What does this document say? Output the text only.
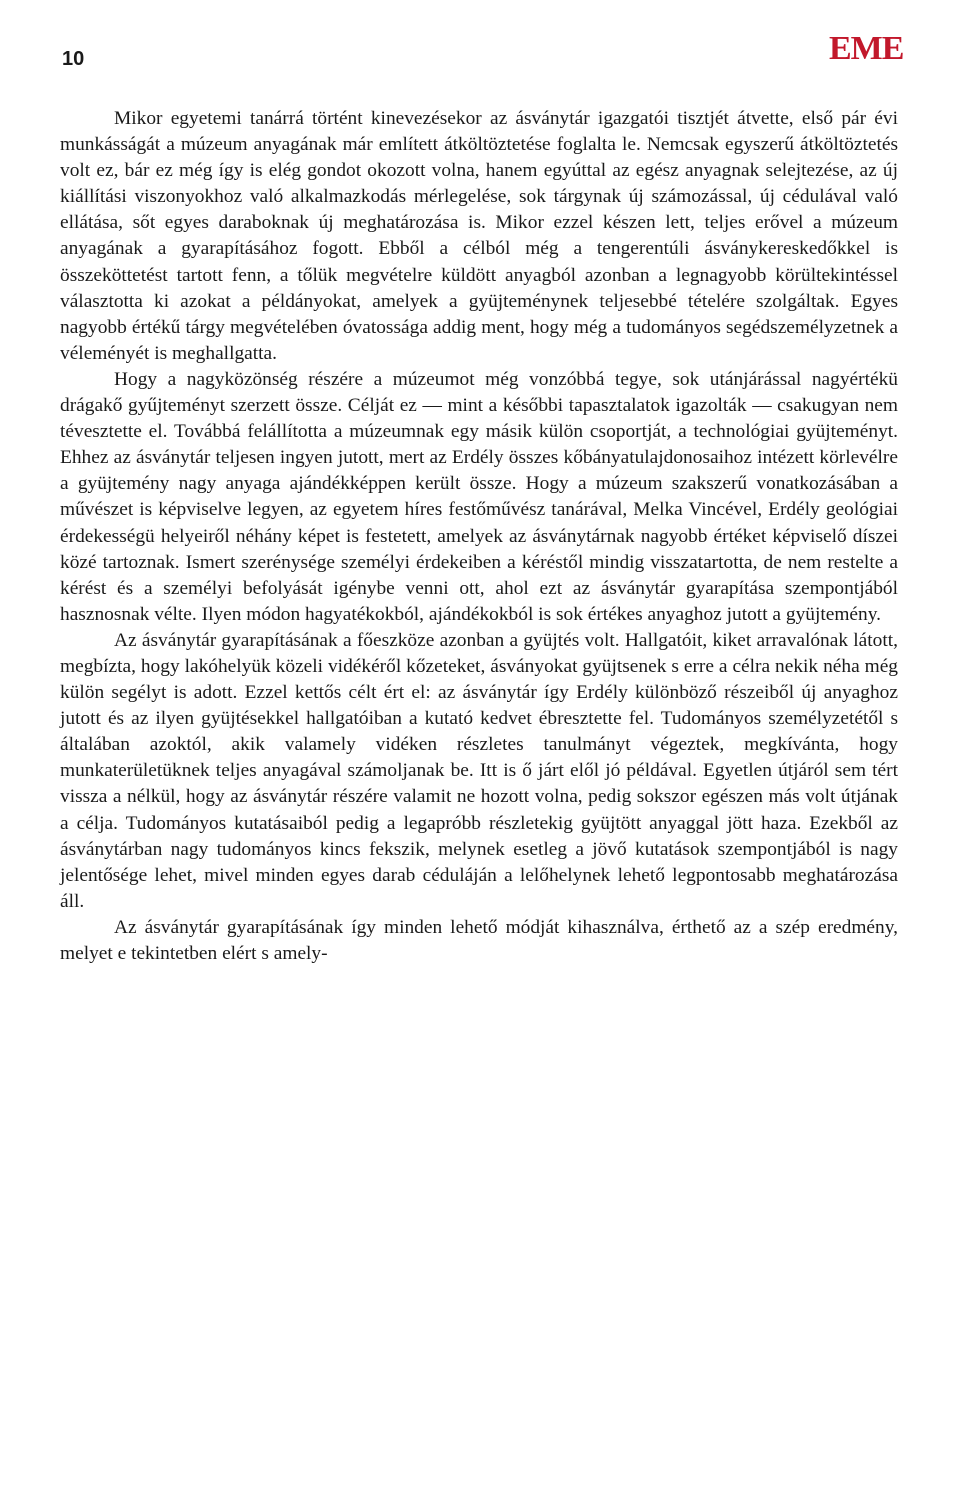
10	EME

Mikor egyetemi tanárrá történt kinevezésekor az ásványtár igazgatói tisztjét átvette, első pár évi munkásságát a múzeum anyagának már említett átköltöztetése foglalta le. Nemcsak egyszerű átköltöztetés volt ez, bár ez még így is elég gondot okozott volna, hanem egyúttal az egész anyagnak selejtezése, az új kiállítási viszonyokhoz való alkalmazkodás mérlegelése, sok tárgynak új számozással, új cédulával való ellátása, sőt egyes daraboknak új meghatározása is. Mikor ezzel készen lett, teljes erővel a múzeum anyagának a gyarapításához fogott. Ebből a célból még a tengerentúli ásványkereskedőkkel is összeköttetést tartott fenn, a tőlük megvételre küldött anyagból azonban a legnagyobb körültekintéssel választotta ki azokat a példányokat, amelyek a gyüjteménynek teljesebbé tételére szolgáltak. Egyes nagyobb értékű tárgy megvételében óvatossága addig ment, hogy még a tudományos segédszemélyzetnek a véleményét is meghallgatta.

Hogy a nagyközönség részére a múzeumot még vonzóbbá tegye, sok utánjárással nagyértékü drágakő gyűjteményt szerzett össze. Célját ez — mint a későbbi tapasztalatok igazolták — csakugyan nem tévesztette el. Továbbá felállította a múzeumnak egy másik külön csoportját, a technológiai gyüjteményt. Ehhez az ásványtár teljesen ingyen jutott, mert az Erdély összes kőbányatulajdonosaihoz intézett körlevélre a gyüjtemény nagy anyaga ajándékképpen került össze. Hogy a múzeum szakszerű vonatkozásában a művészet is képviselve legyen, az egyetem híres festőművész tanárával, Melka Vincével, Erdély geológiai érdekességü helyeiről néhány képet is festetett, amelyek az ásványtárnak nagyobb értéket képviselő díszei közé tartoznak. Ismert szerénysége személyi érdekeiben a kéréstől mindig visszatartotta, de nem restelte a kérést és a személyi befolyását igénybe venni ott, ahol ezt az ásványtár gyarapítása szempontjából hasznosnak vélte. Ilyen módon hagyatékokból, ajándékokból is sok értékes anyaghoz jutott a gyüjtemény.

Az ásványtár gyarapításának a főeszköze azonban a gyüjtés volt. Hallgatóit, kiket arravalónak látott, megbízta, hogy lakóhelyük közeli vidékéről kőzeteket, ásványokat gyüjtsenek s erre a célra nekik néha még külön segélyt is adott. Ezzel kettős célt ért el: az ásványtár így Erdély különböző részeiből új anyaghoz jutott és az ilyen gyüjtésekkel hallgatóiban a kutató kedvet ébresztette fel. Tudományos személyzetétől s általában azoktól, akik valamely vidéken részletes tanulmányt végeztek, megkívánta, hogy munkaterületüknek teljes anyagával számoljanak be. Itt is ő járt elől jó példával. Egyetlen útjáról sem tért vissza a nélkül, hogy az ásványtár részére valamit ne hozott volna, pedig sokszor egészen más volt útjának a célja. Tudományos kutatásaiból pedig a legapróbb részletekig gyüjtött anyaggal jött haza. Ezekből az ásványtárban nagy tudományos kincs fekszik, melynek esetleg a jövő kutatások szempontjából is nagy jelentősége lehet, mivel minden egyes darab céduláján a lelőhelynek lehető legpontosabb meghatározása áll.

Az ásványtár gyarapításának így minden lehető módját kihasználva, érthető az a szép eredmény, melyet e tekintetben elért s amely-
